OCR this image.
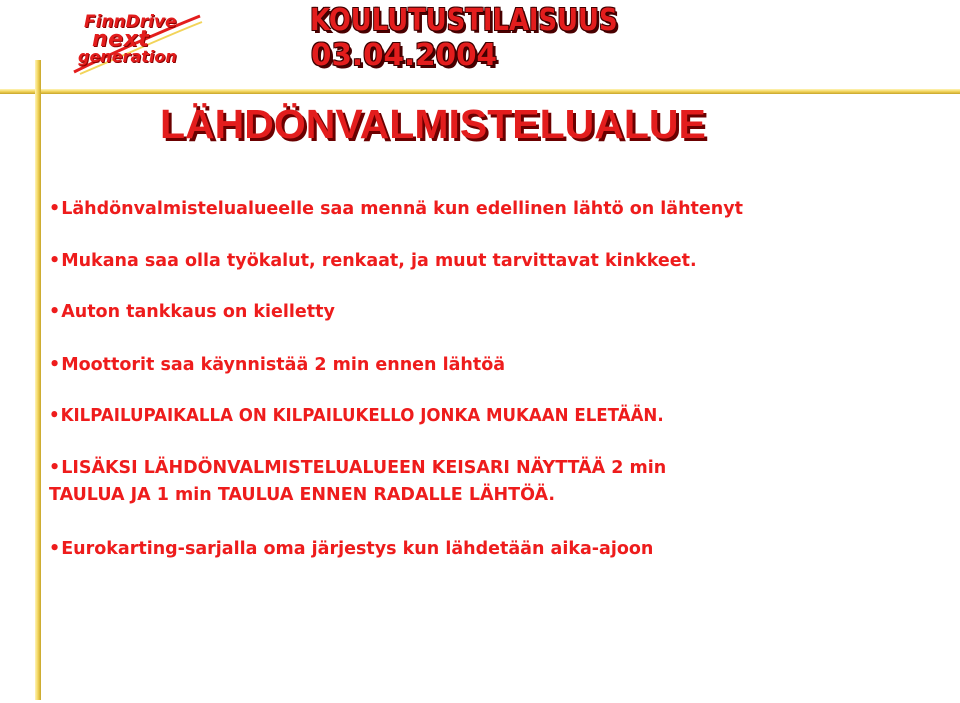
FinnDrive
next
generation
KOULUTUSTILAISUUS
03.04.2004
LÄHDÖNVALMISTELUALUE
•Lähdönvalmistelualueelle saa mennä kun edellinen lähtö on lähtenyt
•Mukana saa olla työkalut, renkaat, ja muut tarvittavat kinkkeet.
•Auton tankkaus on kielletty
•Moottorit saa käynnistää 2 min ennen lähtöä
•KILPAILUPAIKALLA ON KILPAILUKELLO JONKA MUKAAN ELETÄÄN.
•LISÄKSI LÄHDÖNVALMISTELUALUEEN KEISARI NÄYTTÄÄ 2 min
TAULUA JA 1 min TAULUA ENNEN RADALLE LÄHTÖÄ.
•Eurokarting-sarjalla oma järjestys kun lähdetään aika-ajoon
